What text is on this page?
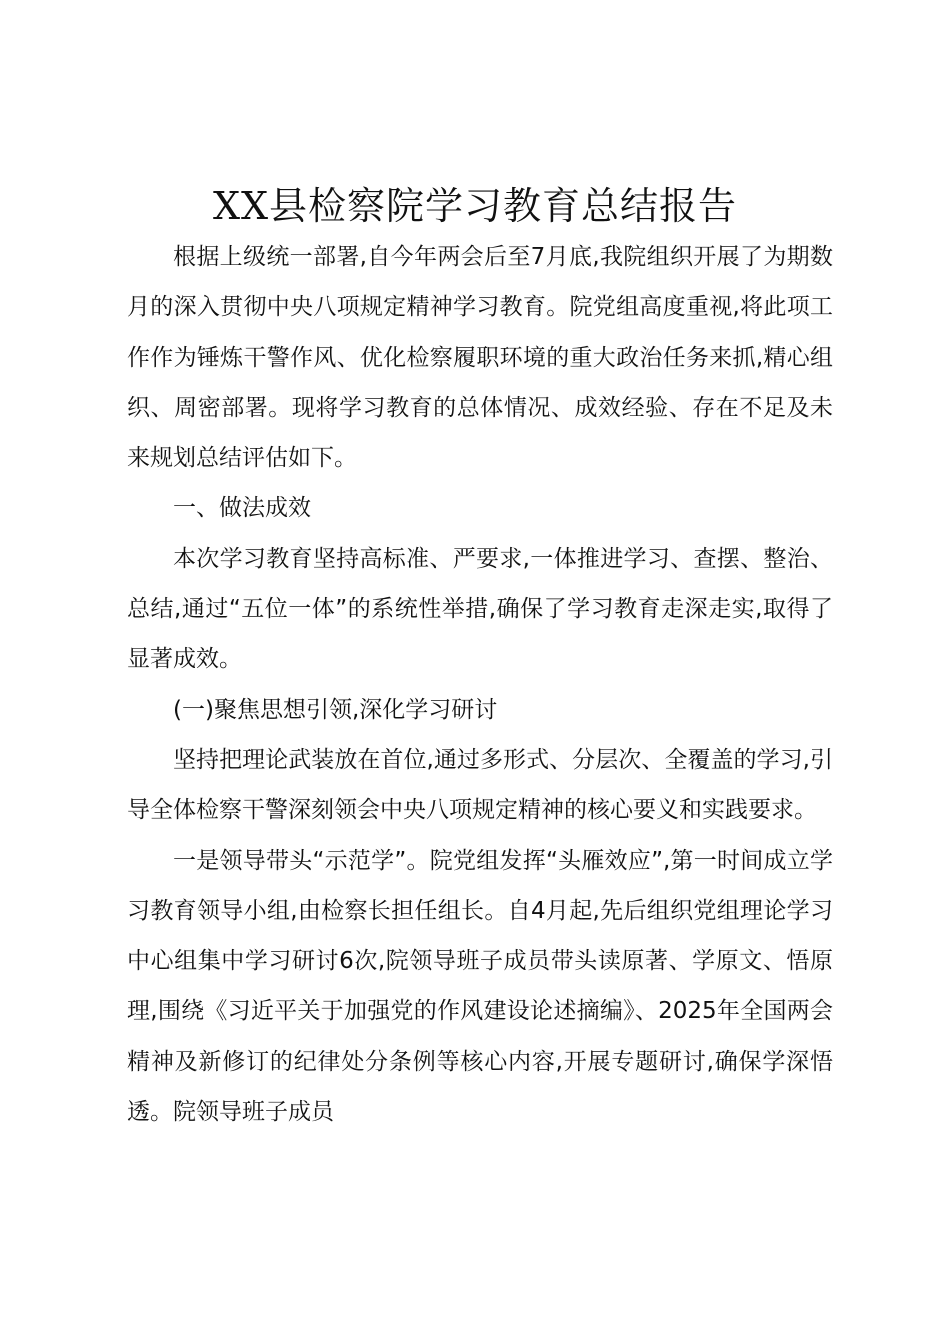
XX县检察院学习教育总结报告

根据上级统一部署,自今年两会后至7月底,我院组织开展了为期数月的深入贯彻中央八项规定精神学习教育。院党组高度重视,将此项工作作为锤炼干警作风、优化检察履职环境的重大政治任务来抓,精心组织、周密部署。现将学习教育的总体情况、成效经验、存在不足及未来规划总结评估如下。

一、做法成效

本次学习教育坚持高标准、严要求,一体推进学习、查摆、整治、总结,通过“五位一体”的系统性举措,确保了学习教育走深走实,取得了显著成效。

(一)聚焦思想引领,深化学习研讨

坚持把理论武装放在首位,通过多形式、分层次、全覆盖的学习,引导全体检察干警深刻领会中央八项规定精神的核心要义和实践要求。

一是领导带头“示范学”。院党组发挥“头雁效应”,第一时间成立学习教育领导小组,由检察长担任组长。自4月起,先后组织党组理论学习中心组集中学习研讨6次,院领导班子成员带头读原著、学原文、悟原理,围绕《习近平关于加强党的作风建设论述摘编》、2025年全国两会精神及新修订的纪律处分条例等核心内容,开展专题研讨,确保学深悟透。院领导班子成员
